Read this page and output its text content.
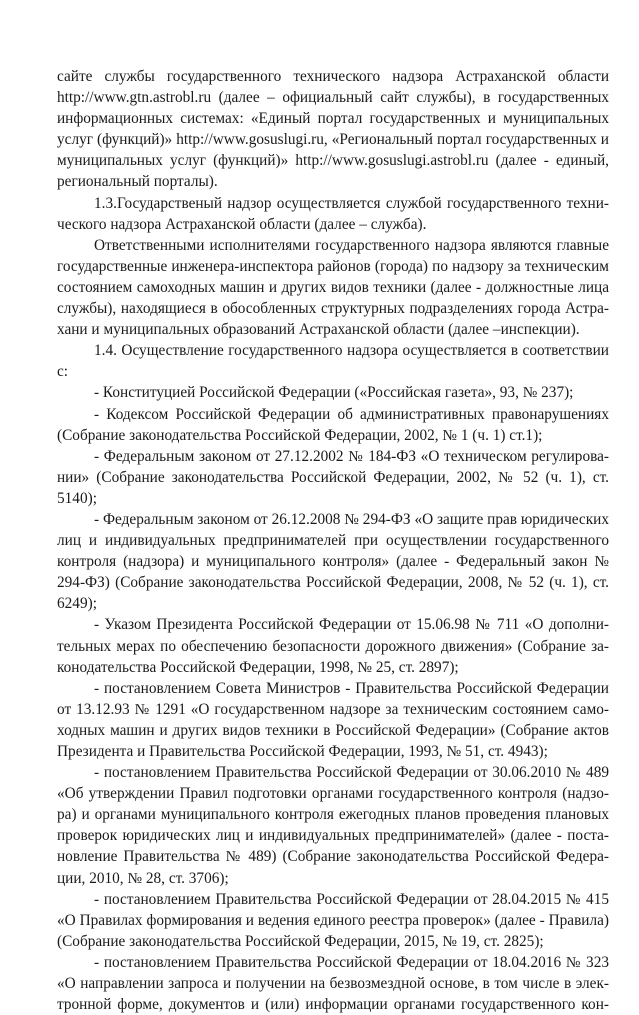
сайте службы государственного технического надзора Астраханской области
http://www.gtn.astrobl.ru (далее – официальный сайт службы), в государственных
информационных системах: «Единый портал государственных и муниципальных
услуг (функций)» http://www.gosuslugi.ru, «Региональный портал государственных и
муниципальных услуг (функций)» http://www.gosuslugi.astrobl.ru (далее - единый,
региональный порталы).
1.3.Государственый надзор осуществляется службой государственного техни-
ческого надзора Астраханской области (далее – служба).
Ответственными исполнителями государственного надзора являются главные
государственные инженера-инспектора районов (города) по надзору за техническим
состоянием самоходных машин и других видов техники (далее - должностные лица
службы), находящиеся в обособленных структурных подразделениях города Астра-
хани и муниципальных образований Астраханской области (далее –инспекции).
1.4. Осуществление государственного надзора осуществляется в соответствии
с:
- Конституцией Российской Федерации («Российская газета», 93, № 237);
- Кодексом Российской Федерации об административных правонарушениях
(Собрание законодательства Российской Федерации, 2002, № 1 (ч. 1) ст.1);
- Федеральным законом от 27.12.2002 № 184-ФЗ «О техническом регулирова-
нии» (Собрание законодательства Российской Федерации, 2002, № 52 (ч. 1), ст.
5140);
- Федеральным законом от 26.12.2008 № 294-ФЗ «О защите прав юридических
лиц и индивидуальных предпринимателей при осуществлении государственного
контроля (надзора) и муниципального контроля» (далее - Федеральный закон №
294-ФЗ) (Собрание законодательства Российской Федерации, 2008, № 52 (ч. 1), ст.
6249);
- Указом Президента Российской Федерации от 15.06.98 № 711 «О дополни-
тельных мерах по обеспечению безопасности дорожного движения» (Собрание за-
конодательства Российской Федерации, 1998, № 25, ст. 2897);
- постановлением Совета Министров - Правительства Российской Федерации
от 13.12.93 № 1291 «О государственном надзоре за техническим состоянием само-
ходных машин и других видов техники в Российской Федерации» (Собрание актов
Президента и Правительства Российской Федерации, 1993, № 51, ст. 4943);
- постановлением Правительства Российской Федерации от 30.06.2010 № 489
«Об утверждении Правил подготовки органами государственного контроля (надзо-
ра) и органами муниципального контроля ежегодных планов проведения плановых
проверок юридических лиц и индивидуальных предпринимателей» (далее - поста-
новление Правительства № 489) (Собрание законодательства Российской Федера-
ции, 2010, № 28, ст. 3706);
- постановлением Правительства Российской Федерации от 28.04.2015 № 415
«О Правилах формирования и ведения единого реестра проверок» (далее - Правила)
(Собрание законодательства Российской Федерации, 2015, № 19, ст. 2825);
- постановлением Правительства Российской Федерации от 18.04.2016 № 323
«О направлении запроса и получении на безвозмездной основе, в том числе в элек-
тронной форме, документов и (или) информации органами государственного кон-
